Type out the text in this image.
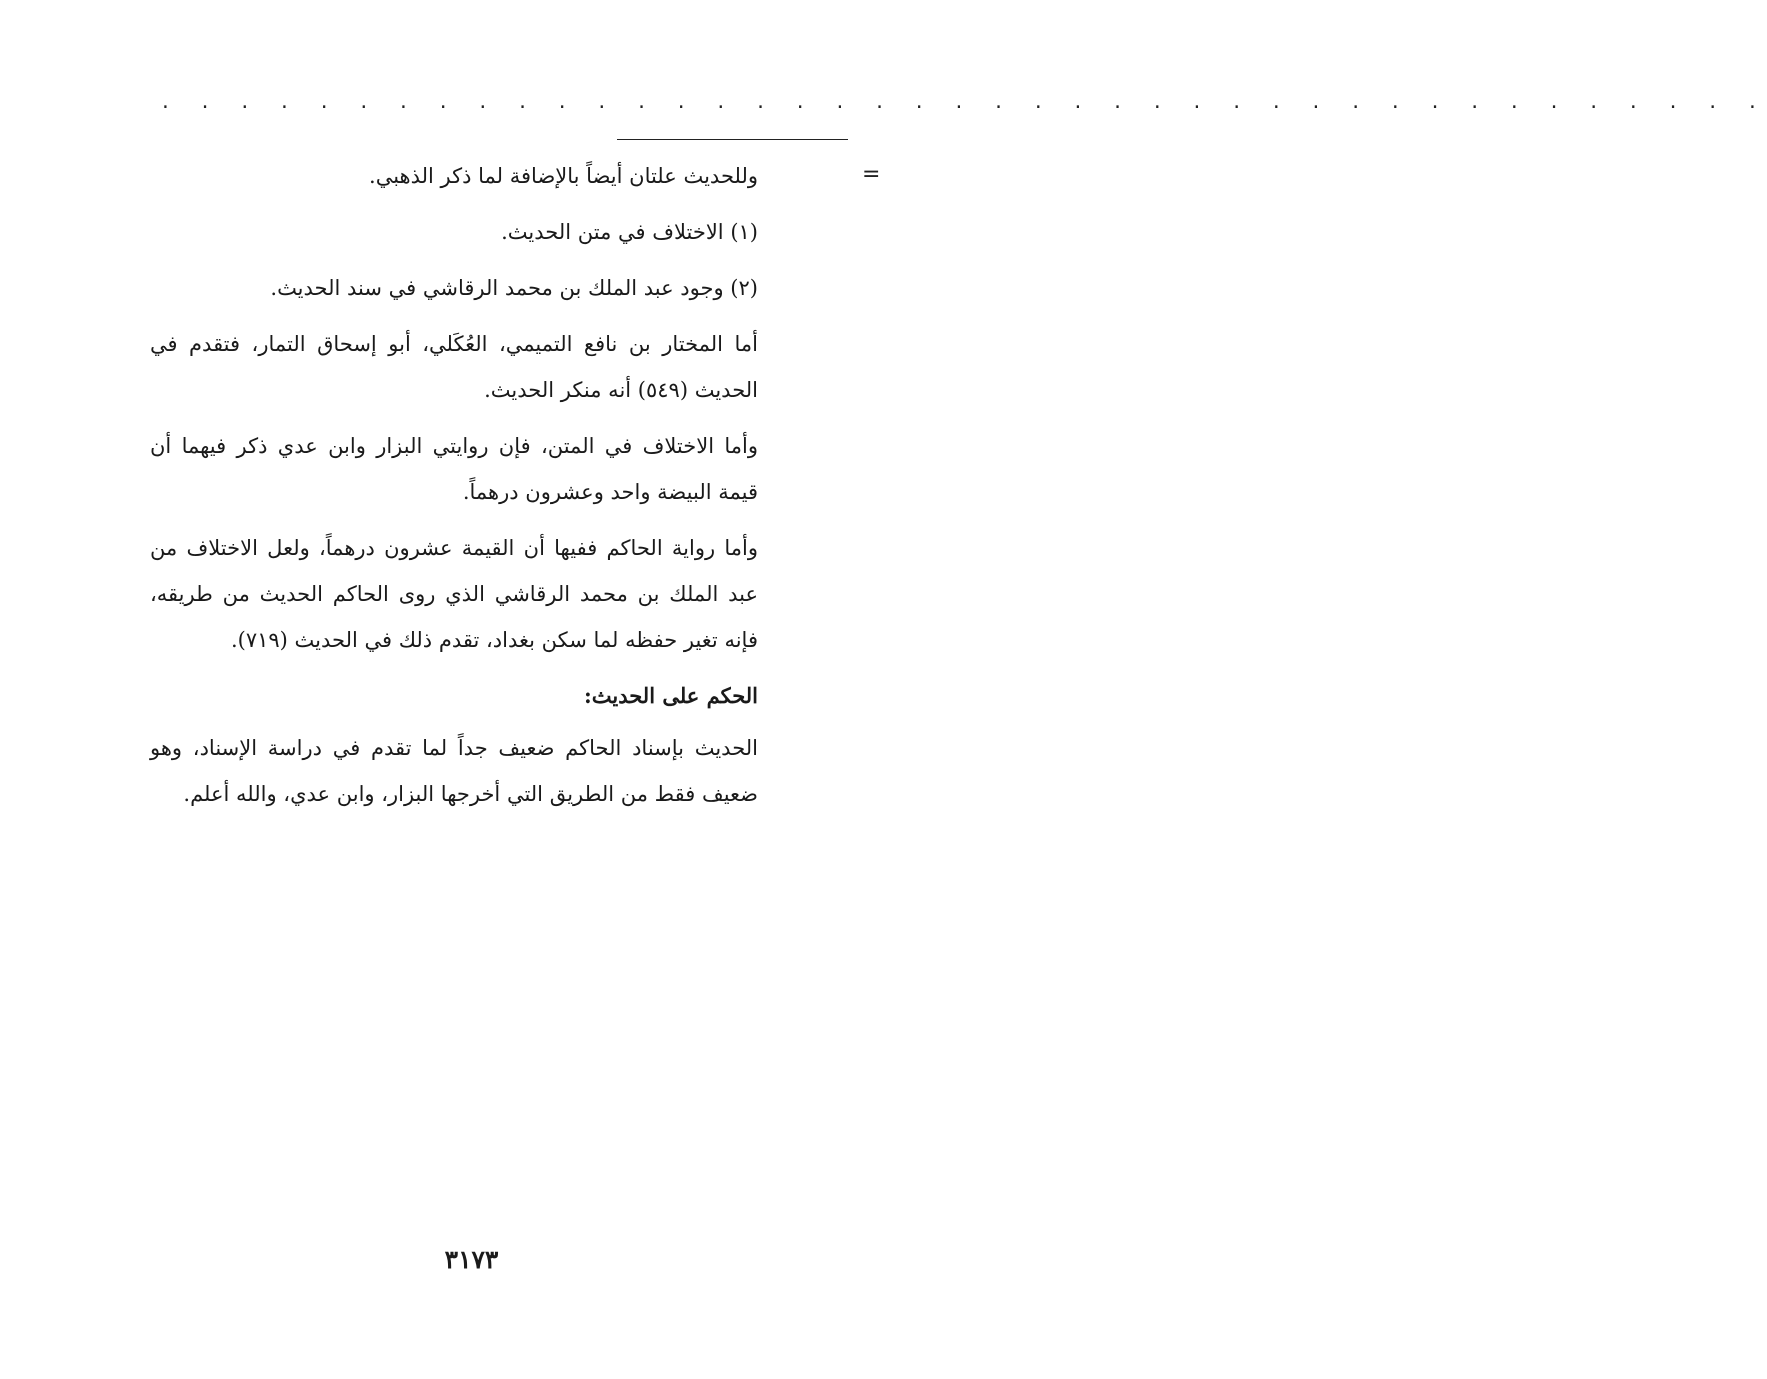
. . . . . . . . . . . . . . . . . . . . . . . . . . . . . . . . . . . . . . . . .
=

وللحديث علتان أيضاً بالإضافة لما ذكر الذهبي.

(١) الاختلاف في متن الحديث.

(٢) وجود عبد الملك بن محمد الرقاشي في سند الحديث.

أما المختار بن نافع التميمي، العُكَلي، أبو إسحاق التمار، فتقدم في الحديث (٥٤٩) أنه منكر الحديث.

وأما الاختلاف في المتن، فإن روايتي البزار وابن عدي ذكر فيهما أن قيمة البيضة واحد وعشرون درهماً.

وأما رواية الحاكم ففيها أن القيمة عشرون درهماً، ولعل الاختلاف من عبد الملك بن محمد الرقاشي الذي روى الحاكم الحديث من طريقه، فإنه تغير حفظه لما سكن بغداد، تقدم ذلك في الحديث (٧١٩).

الحكم على الحديث:

الحديث بإسناد الحاكم ضعيف جداً لما تقدم في دراسة الإسناد، وهو ضعيف فقط من الطريق التي أخرجها البزار، وابن عدي، والله أعلم.

٣١٧٣
